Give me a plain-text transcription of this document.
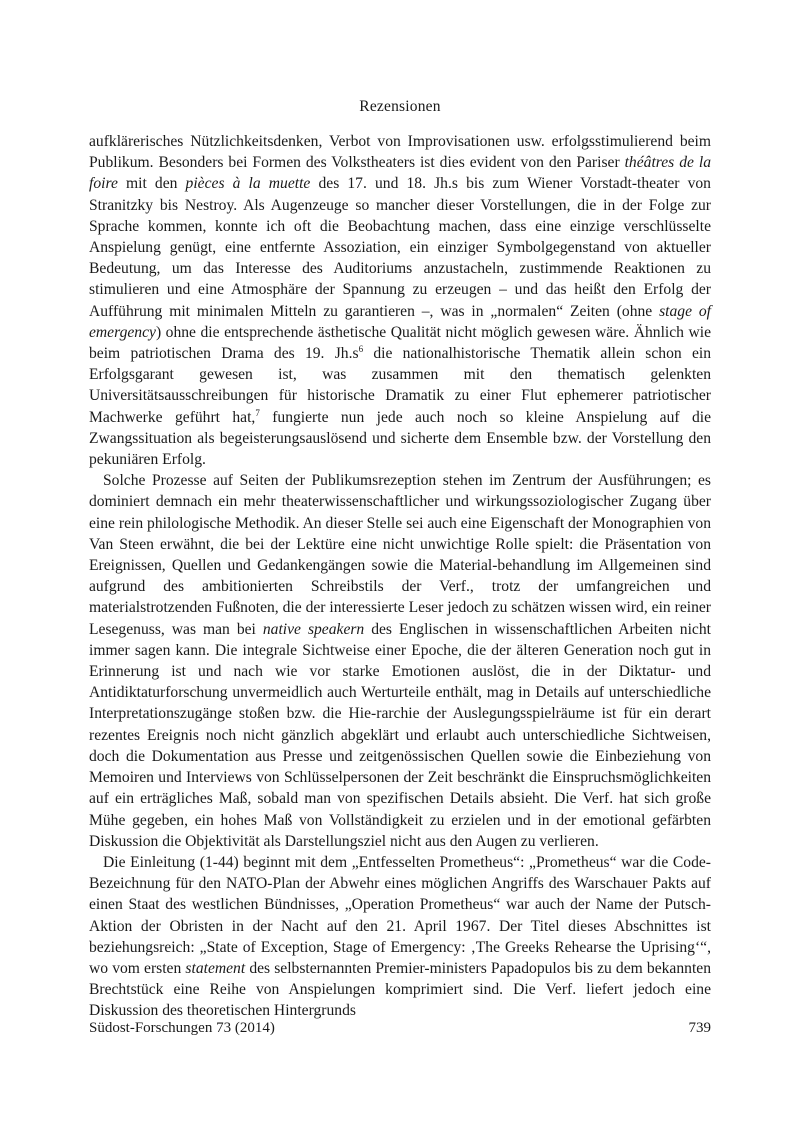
Rezensionen

aufklärerisches Nützlichkeitsdenken, Verbot von Improvisationen usw. erfolgsstimulierend beim Publikum. Besonders bei Formen des Volkstheaters ist dies evident von den Pariser théâtres de la foire mit den pièces à la muette des 17. und 18. Jh.s bis zum Wiener Vorstadt-theater von Stranitzky bis Nestroy. Als Augenzeuge so mancher dieser Vorstellungen, die in der Folge zur Sprache kommen, konnte ich oft die Beobachtung machen, dass eine einzige verschlüsselte Anspielung genügt, eine entfernte Assoziation, ein einziger Symbolgegenstand von aktueller Bedeutung, um das Interesse des Auditoriums anzustacheln, zustimmende Reaktionen zu stimulieren und eine Atmosphäre der Spannung zu erzeugen – und das heißt den Erfolg der Aufführung mit minimalen Mitteln zu garantieren –, was in „normalen“ Zeiten (ohne stage of emergency) ohne die entsprechende ästhetische Qualität nicht möglich gewesen wäre. Ähnlich wie beim patriotischen Drama des 19. $Jh.s^6$ die nationalhistorische Thematik allein schon ein Erfolgsgarant gewesen ist, was zusammen mit den thematisch gelenkten Universitätsausschreibungen für historische Dramatik zu einer Flut ephemerer patriotischer Machwerke geführt hat,$^7$ fungierte nun jede auch noch so kleine Anspielung auf die Zwangssituation als begeisterungsauslösend und sicherte dem Ensemble bzw. der Vorstellung den pekuniären Erfolg.

Solche Prozesse auf Seiten der Publikumsrezeption stehen im Zentrum der Ausführungen; es dominiert demnach ein mehr theaterwissenschaftlicher und wirkungssoziologischer Zugang über eine rein philologische Methodik. An dieser Stelle sei auch eine Eigenschaft der Monographien von Van Steen erwähnt, die bei der Lektüre eine nicht unwichtige Rolle spielt: die Präsentation von Ereignissen, Quellen und Gedankengängen sowie die Material-behandlung im Allgemeinen sind aufgrund des ambitionierten Schreibstils der Verf., trotz der umfangreichen und materialstrotzenden Fußnoten, die der interessierte Leser jedoch zu schätzen wissen wird, ein reiner Lesegenuss, was man bei native speakern des Englischen in wissenschaftlichen Arbeiten nicht immer sagen kann. Die integrale Sichtweise einer Epoche, die der älteren Generation noch gut in Erinnerung ist und nach wie vor starke Emotionen auslöst, die in der Diktatur- und Antidiktaturforschung unvermeidlich auch Werturteile enthält, mag in Details auf unterschiedliche Interpretationszugänge stoßen bzw. die Hie-rarchie der Auslegungsspielräume ist für ein derart rezentes Ereignis noch nicht gänzlich abgeklärt und erlaubt auch unterschiedliche Sichtweisen, doch die Dokumentation aus Presse und zeitgenössischen Quellen sowie die Einbeziehung von Memoiren und Interviews von Schlüsselpersonen der Zeit beschränkt die Einspruchsmöglichkeiten auf ein erträgliches Maß, sobald man von spezifischen Details absieht. Die Verf. hat sich große Mühe gegeben, ein hohes Maß von Vollständigkeit zu erzielen und in der emotional gefärbten Diskussion die Objektivität als Darstellungsziel nicht aus den Augen zu verlieren.

Die Einleitung (1-44) beginnt mit dem „Entfesselten Prometheus“: „Prometheus“ war die Code-Bezeichnung für den NATO-Plan der Abwehr eines möglichen Angriffs des Warschauer Pakts auf einen Staat des westlichen Bündnisses, „Operation Prometheus“ war auch der Name der Putsch-Aktion der Obristen in der Nacht auf den 21. April 1967. Der Titel dieses Abschnittes ist beziehungsreich: „State of Exception, Stage of Emergency: ‚The Greeks Rehearse the Uprising‘“, wo vom ersten statement des selbsternannten Premier-ministers Papadopulos bis zu dem bekannten Brechtstück eine Reihe von Anspielungen komprimiert sind. Die Verf. liefert jedoch eine Diskussion des theoretischen Hintergrunds

Südost-Forschungen 73 (2014)	739
